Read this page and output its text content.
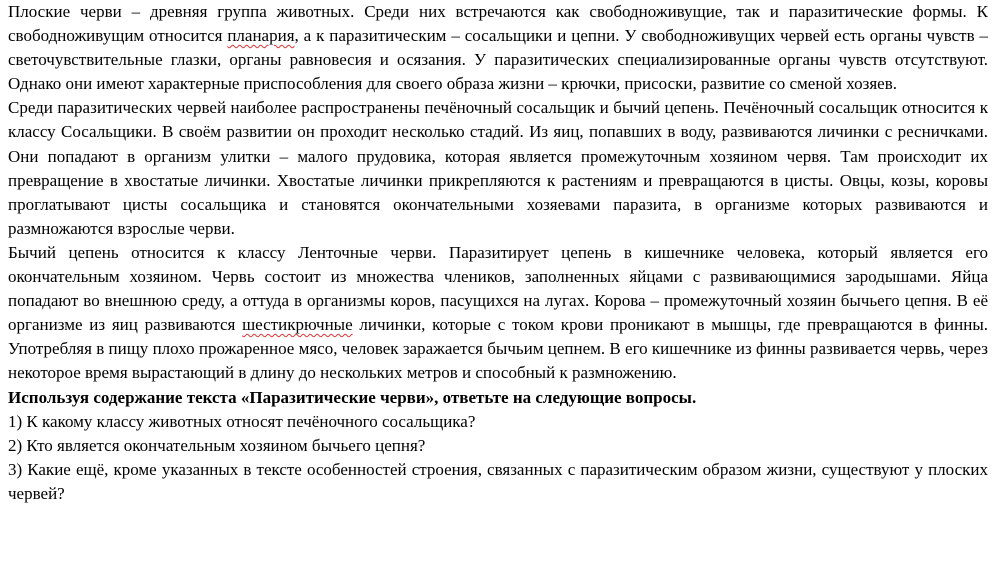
Плоские черви – древняя группа животных. Среди них встречаются как свободноживущие, так и паразитические формы. К свободноживущим относится планария, а к паразитическим – сосальщики и цепни. У свободноживущих червей есть органы чувств – светочувствительные глазки, органы равновесия и осязания. У паразитических специализированные органы чувств отсутствуют. Однако они имеют характерные приспособления для своего образа жизни – крючки, присоски, развитие со сменой хозяев.

Среди паразитических червей наиболее распространены печёночный сосальщик и бычий цепень. Печёночный сосальщик относится к классу Сосальщики. В своём развитии он проходит несколько стадий. Из яиц, попавших в воду, развиваются личинки с ресничками. Они попадают в организм улитки – малого прудовика, которая является промежуточным хозяином червя. Там происходит их превращение в хвостатые личинки. Хвостатые личинки прикрепляются к растениям и превращаются в цисты. Овцы, козы, коровы проглатывают цисты сосальщика и становятся окончательными хозяевами паразита, в организме которых развиваются и размножаются взрослые черви.

Бычий цепень относится к классу Ленточные черви. Паразитирует цепень в кишечнике человека, который является его окончательным хозяином. Червь состоит из множества члеников, заполненных яйцами с развивающимися зародышами. Яйца попадают во внешнюю среду, а оттуда в организмы коров, пасущихся на лугах. Корова – промежуточный хозяин бычьего цепня. В её организме из яиц развиваются шестикрючные личинки, которые с током крови проникают в мышцы, где превращаются в финны. Употребляя в пищу плохо прожаренное мясо, человек заражается бычьим цепнем. В его кишечнике из финны развивается червь, через некоторое время вырастающий в длину до нескольких метров и способный к размножению.

Используя содержание текста «Паразитические черви», ответьте на следующие вопросы.

1) К какому классу животных относят печёночного сосальщика?

2) Кто является окончательным хозяином бычьего цепня?

3) Какие ещё, кроме указанных в тексте особенностей строения, связанных с паразитическим образом жизни, существуют у плоских червей?
